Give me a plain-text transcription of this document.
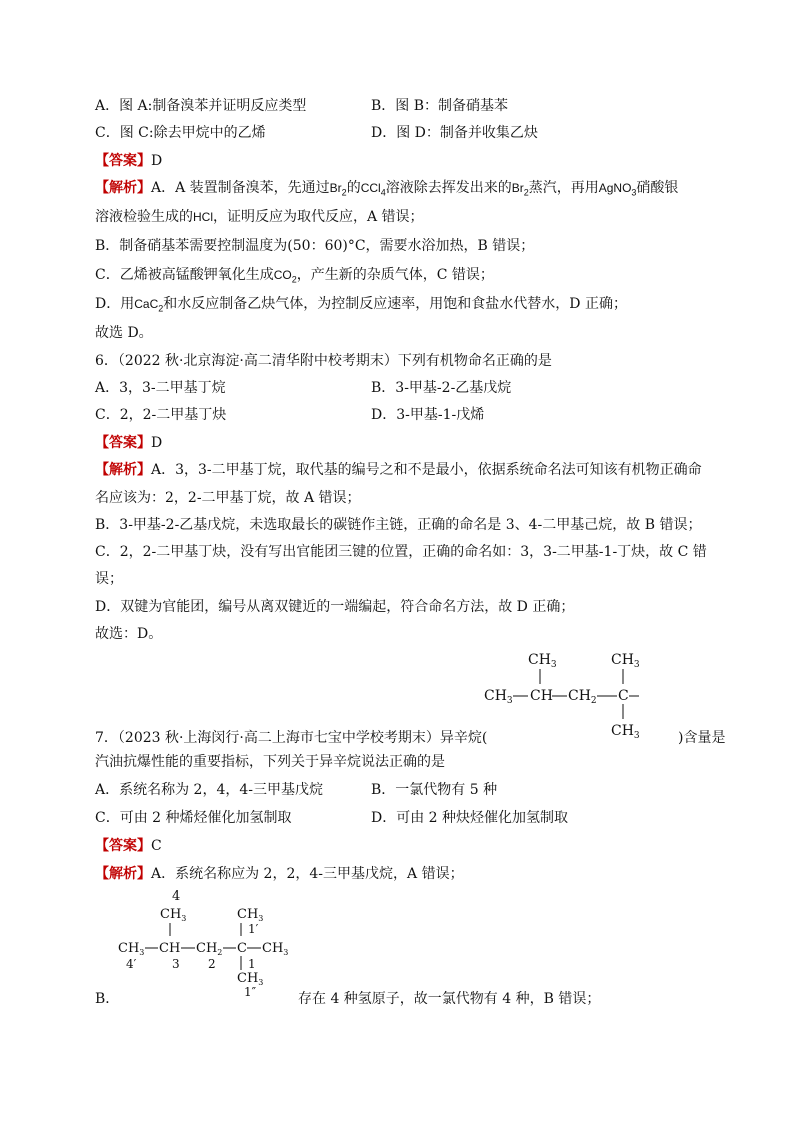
A．图 A:制备溴苯并证明反应类型	B．图 B：制备硝基苯
C．图 C:除去甲烷中的乙烯	D．图 D：制备并收集乙炔
【答案】D
【解析】A．A 装置制备溴苯，先通过$Br_2$的CCl$_4$溶液除去挥发出来的$Br_2$蒸汽，再用AgNO$_3$硝酸银
溶液检验生成的HCl，证明反应为取代反应，A 错误；
B．制备硝基苯需要控制温度为(50：60)°C，需要水浴加热，B 错误；
C．乙烯被高锰酸钾氧化生成$CO_2$，产生新的杂质气体，C 错误；
D．用CaC$_2$和水反应制备乙炔气体，为控制反应速率，用饱和食盐水代替水，D 正确；
故选 D。
6．（2022 秋·北京海淀·高二清华附中校考期末）下列有机物命名正确的是
A．3，3-二甲基丁烷	B．3-甲基-2-乙基戊烷
C．2，2-二甲基丁炔	D．3-甲基-1-戊烯
【答案】D
【解析】A．3，3-二甲基丁烷，取代基的编号之和不是最小，依据系统命名法可知该有机物正确命
名应该为：2，2-二甲基丁烷，故 A 错误；
B．3-甲基-2-乙基戊烷，未选取最长的碳链作主链，正确的命名是 3、4-二甲基己烷，故 B 错误；
C．2，2-二甲基丁炔，没有写出官能团三键的位置，正确的命名如：3，3-二甲基-1-丁炔，故 C 错
误；
D．双键为官能团，编号从离双键近的一端编起，符合命名方法，故 D 正确；
故选：D。
$CH_3$	$CH_3$
$CH_3$ CH $CH_2$ C
$CH_3$
7．（2023 秋·上海闵行·高二上海市七宝中学校考期末）异辛烷(	)含量是
汽油抗爆性能的重要指标，下列关于异辛烷说法正确的是
A．系统名称为 2，4，4-三甲基戊烷	B．一氯代物有 5 种
C．可由 2 种烯烃催化加氢制取	D．可由 2 种炔烃催化加氢制取
【答案】C
【解析】A．系统名称应为 2，2，4-三甲基戊烷，A 错误；
4
$CH_3$	$CH_3$
1′
$CH_3$ CH $CH_2$ C $CH_3$
4′	3 2	1
$CH_3$
1″
B．	存在 4 种氢原子，故一氯代物有 4 种，B 错误；
